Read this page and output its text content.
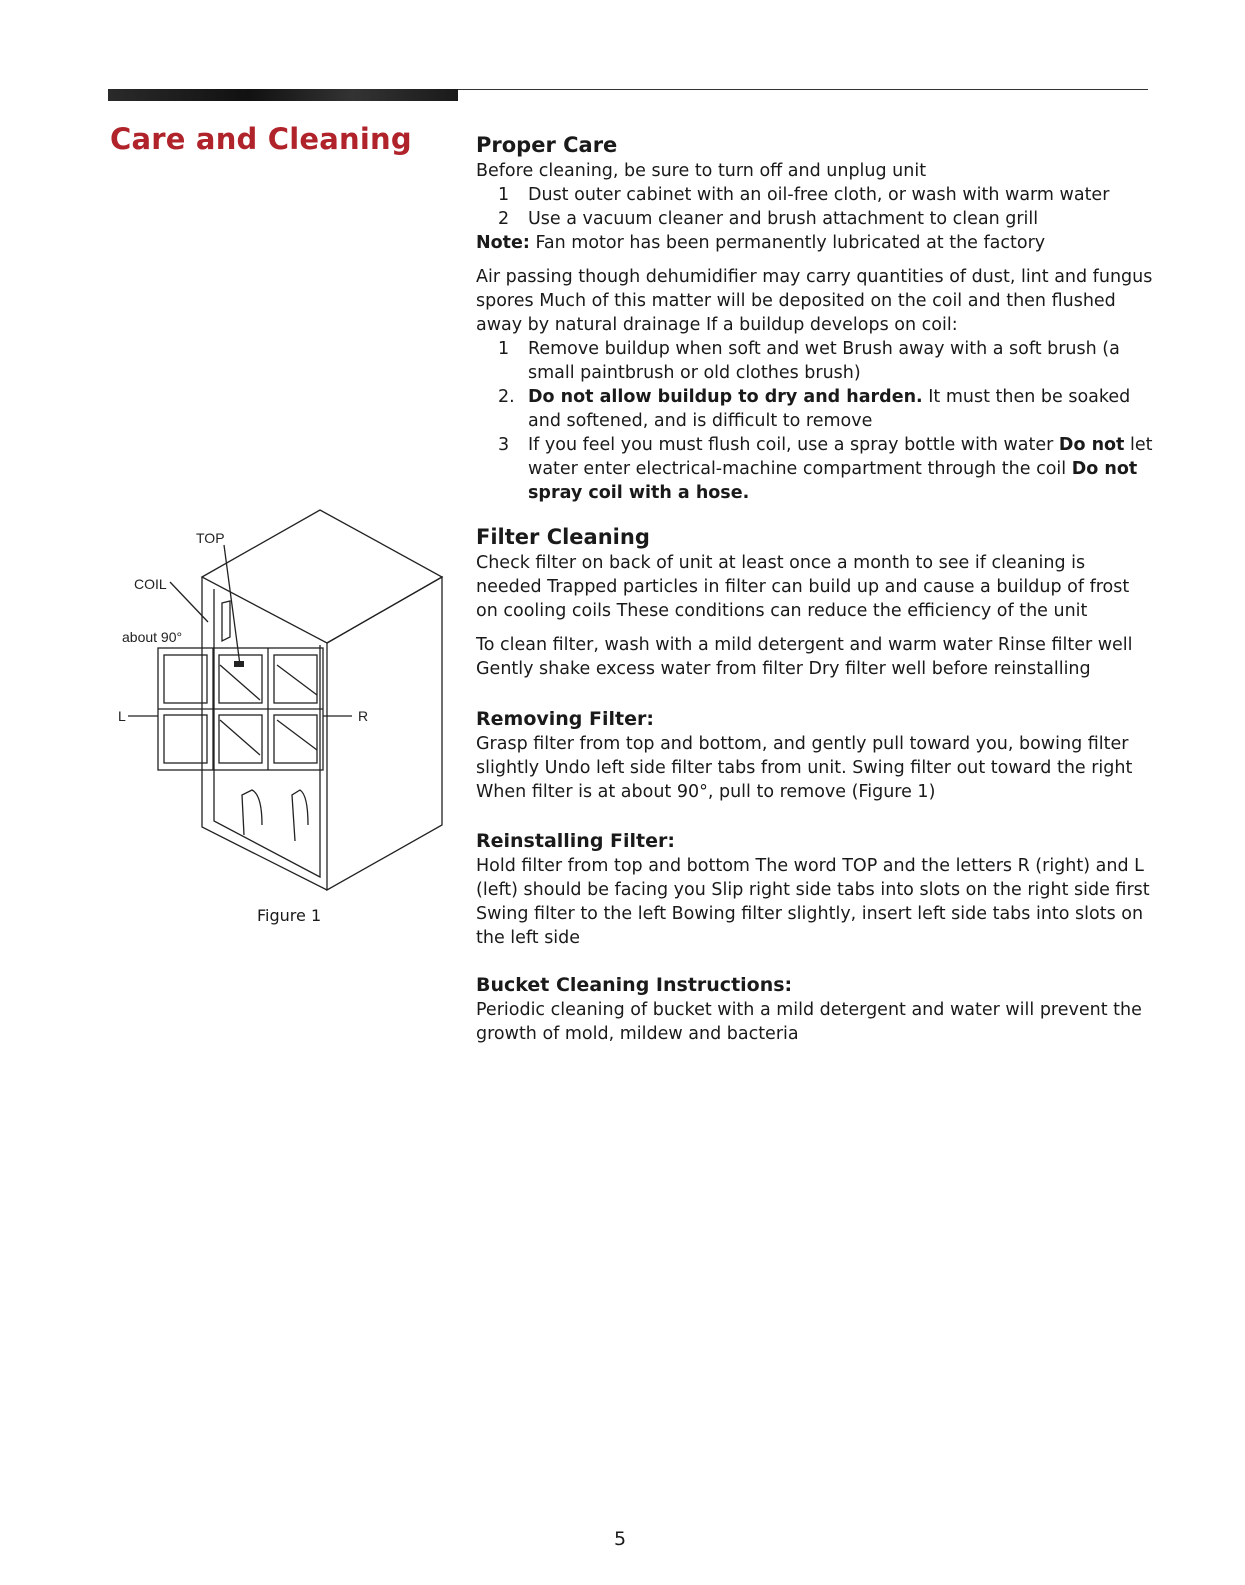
Care and Cleaning	Proper Care

Before cleaning, be sure to turn off and unplug unit

1 Dust outer cabinet with an oil-free cloth, or wash with warm water
2 Use a vacuum cleaner and brush attachment to clean grill

Note: Fan motor has been permanently lubricated at the factory

Air passing though dehumidifier may carry quantities of dust, lint and fungus spores Much of this matter will be deposited on the coil and then flushed away by natural drainage If a buildup develops on coil:

1 Remove buildup when soft and wet Brush away with a soft brush (a small paintbrush or old clothes brush)
2. Do not allow buildup to dry and harden. It must then be soaked and softened, and is difficult to remove
3 If you feel you must flush coil, use a spray bottle with water Do not let water enter electrical-machine compartment through the coil Do not spray coil with a hose.
Filter Cleaning

Check filter on back of unit at least once a month to see if cleaning is needed Trapped particles in filter can build up and cause a buildup of frost on cooling coils These conditions can reduce the efficiency of the unit

To clean filter, wash with a mild detergent and warm water Rinse filter well Gently shake excess water from filter Dry filter well before reinstalling

Removing Filter:

Grasp filter from top and bottom, and gently pull toward you, bowing filter slightly Undo left side filter tabs from unit. Swing filter out toward the right When filter is at about 90°, pull to remove (Figure 1)

Reinstalling Filter:

Hold filter from top and bottom The word TOP and the letters R (right) and L (left) should be facing you Slip right side tabs into slots on the right side first Swing filter to the left Bowing filter slightly, insert left side tabs into slots on the left side

Bucket Cleaning Instructions:

Periodic cleaning of bucket with a mild detergent and water will prevent the growth of mold, mildew and bacteria

TOP
COIL
about 90°
L	R

Figure 1

5
